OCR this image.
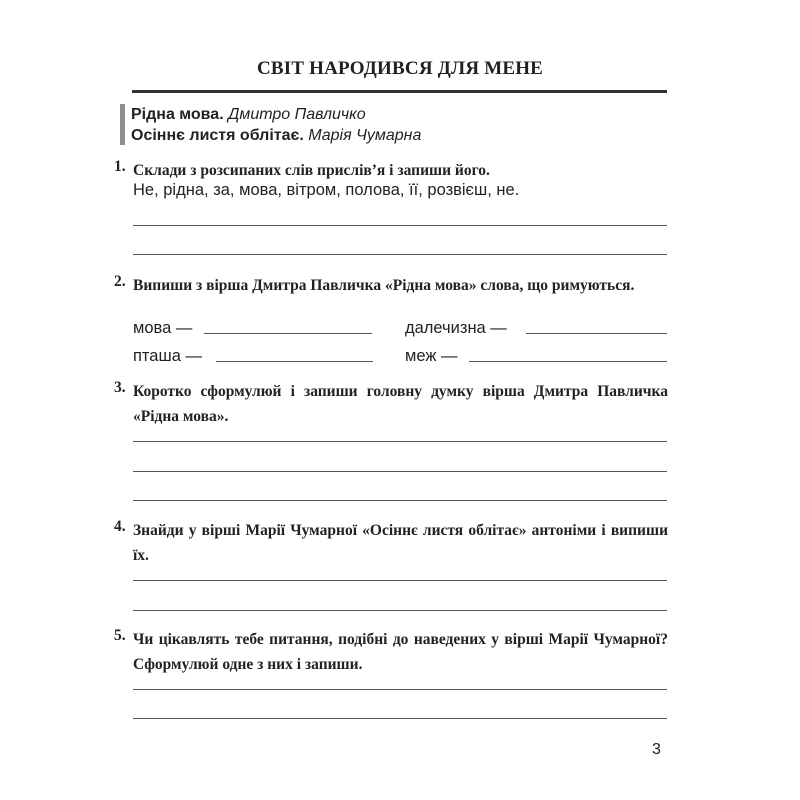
СВІТ НАРОДИВСЯ ДЛЯ МЕНЕ
Рідна мова. Дмитро Павличко
Осіннє листя облітає. Марія Чумарна
1. Склади з розсипаних слів прислів’я і запиши його.
Не, рідна, за, мова, вітром, полова, її, розвієш, не.
2. Випиши з вірша Дмитра Павличка «Рідна мова» слова, що римуються.
мова —	далечизна —
пташа —	меж —
3. Коротко сформулюй і запиши головну думку вірша Дмитра Павличка «Рідна мова».
4. Знайди у вірші Марії Чумарної «Осіннє листя облітає» антоніми і випиши їх.
5. Чи цікавлять тебе питання, подібні до наведених у вірші Марії Чумарної? Сформулюй одне з них і запиши.
3
